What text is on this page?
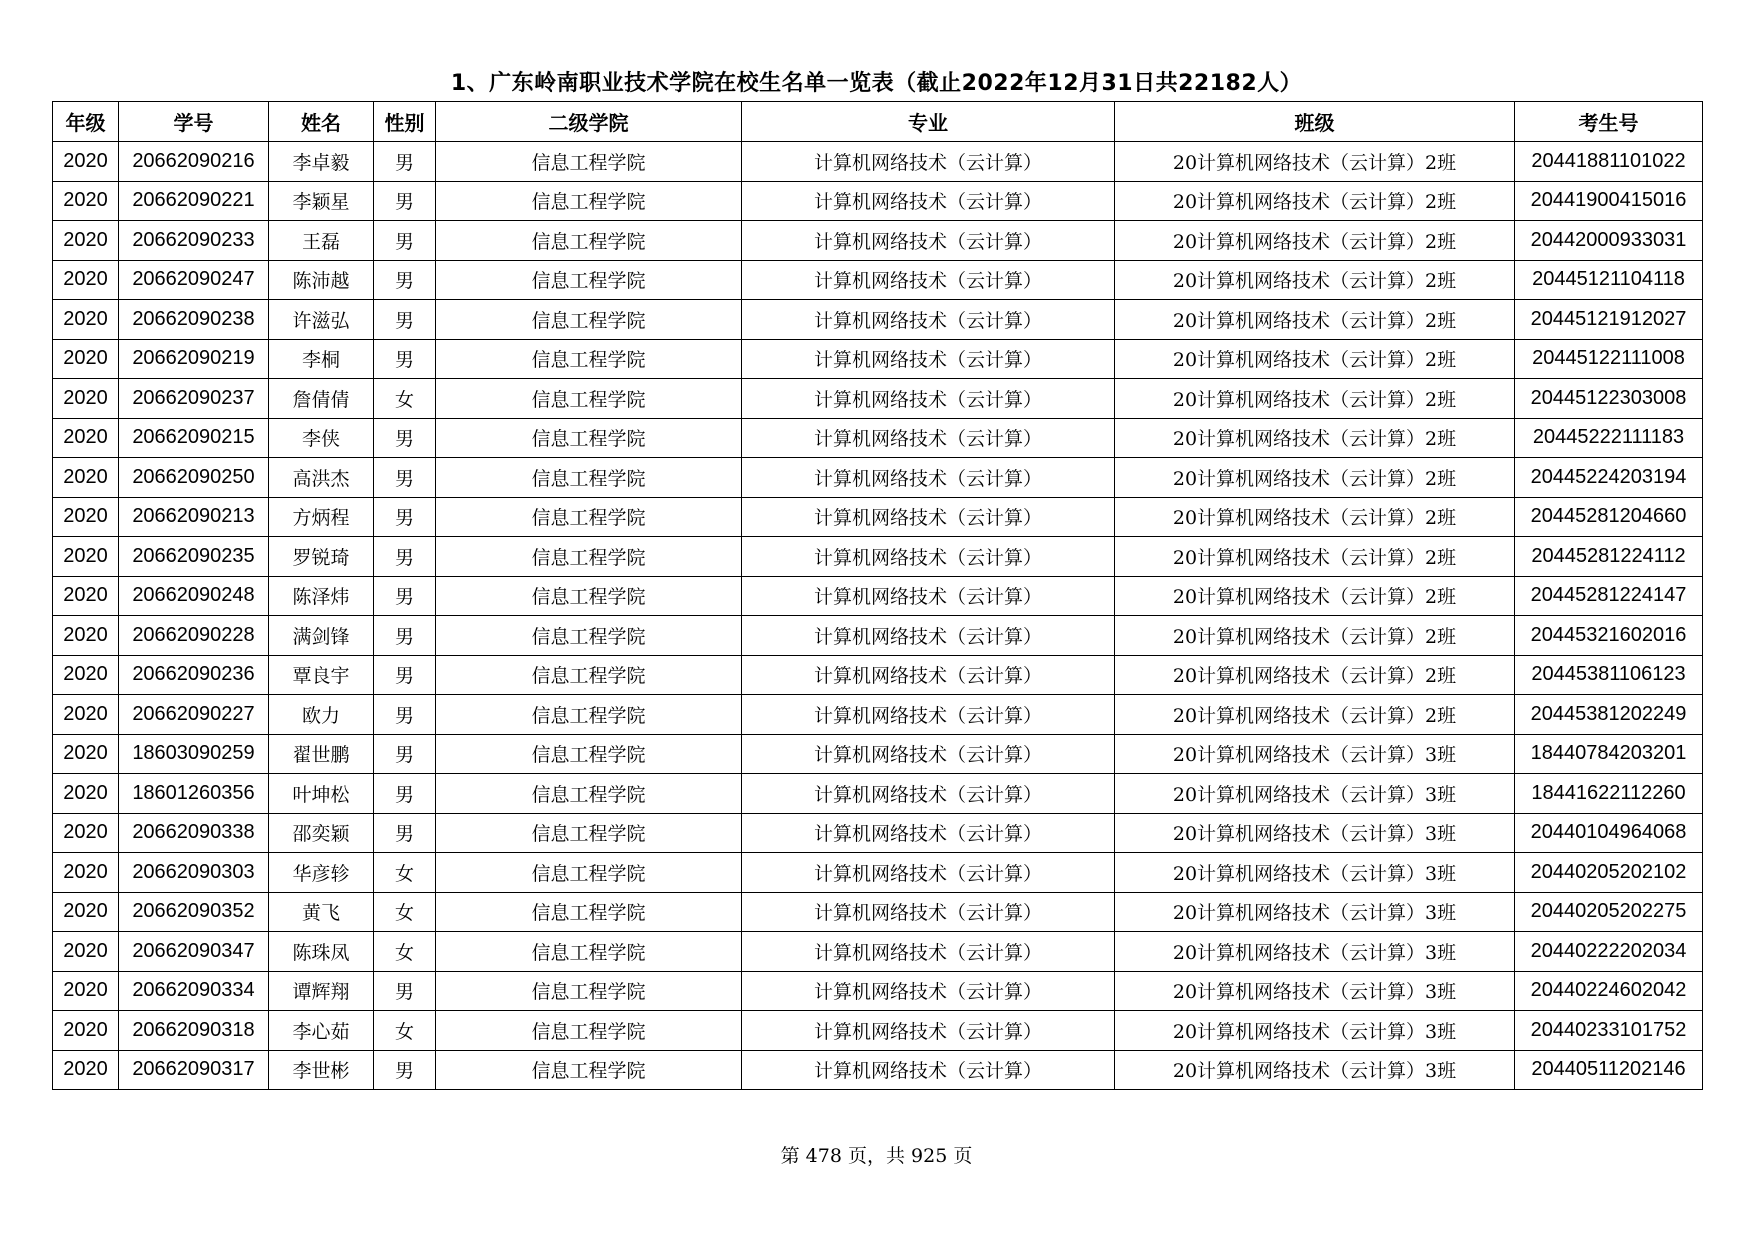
1、广东岭南职业技术学院在校生名单一览表（截止2022年12月31日共22182人）
年级	学号	姓名	性别	二级学院	专业	班级	考生号
2020	20662090216	李卓毅	男	信息工程学院	计算机网络技术（云计算）	20计算机网络技术（云计算）2班	20441881101022
2020	20662090221	李颖星	男	信息工程学院	计算机网络技术（云计算）	20计算机网络技术（云计算）2班	20441900415016
2020	20662090233	王磊	男	信息工程学院	计算机网络技术（云计算）	20计算机网络技术（云计算）2班	20442000933031
2020	20662090247	陈沛越	男	信息工程学院	计算机网络技术（云计算）	20计算机网络技术（云计算）2班	20445121104118
2020	20662090238	许滋弘	男	信息工程学院	计算机网络技术（云计算）	20计算机网络技术（云计算）2班	20445121912027
2020	20662090219	李桐	男	信息工程学院	计算机网络技术（云计算）	20计算机网络技术（云计算）2班	20445122111008
2020	20662090237	詹倩倩	女	信息工程学院	计算机网络技术（云计算）	20计算机网络技术（云计算）2班	20445122303008
2020	20662090215	李侠	男	信息工程学院	计算机网络技术（云计算）	20计算机网络技术（云计算）2班	20445222111183
2020	20662090250	高洪杰	男	信息工程学院	计算机网络技术（云计算）	20计算机网络技术（云计算）2班	20445224203194
2020	20662090213	方炳程	男	信息工程学院	计算机网络技术（云计算）	20计算机网络技术（云计算）2班	20445281204660
2020	20662090235	罗锐琦	男	信息工程学院	计算机网络技术（云计算）	20计算机网络技术（云计算）2班	20445281224112
2020	20662090248	陈泽炜	男	信息工程学院	计算机网络技术（云计算）	20计算机网络技术（云计算）2班	20445281224147
2020	20662090228	满剑锋	男	信息工程学院	计算机网络技术（云计算）	20计算机网络技术（云计算）2班	20445321602016
2020	20662090236	覃良宇	男	信息工程学院	计算机网络技术（云计算）	20计算机网络技术（云计算）2班	20445381106123
2020	20662090227	欧力	男	信息工程学院	计算机网络技术（云计算）	20计算机网络技术（云计算）2班	20445381202249
2020	18603090259	翟世鹏	男	信息工程学院	计算机网络技术（云计算）	20计算机网络技术（云计算）3班	18440784203201
2020	18601260356	叶坤松	男	信息工程学院	计算机网络技术（云计算）	20计算机网络技术（云计算）3班	18441622112260
2020	20662090338	邵奕颖	男	信息工程学院	计算机网络技术（云计算）	20计算机网络技术（云计算）3班	20440104964068
2020	20662090303	华彦轸	女	信息工程学院	计算机网络技术（云计算）	20计算机网络技术（云计算）3班	20440205202102
2020	20662090352	黄飞	女	信息工程学院	计算机网络技术（云计算）	20计算机网络技术（云计算）3班	20440205202275
2020	20662090347	陈珠凤	女	信息工程学院	计算机网络技术（云计算）	20计算机网络技术（云计算）3班	20440222202034
2020	20662090334	谭辉翔	男	信息工程学院	计算机网络技术（云计算）	20计算机网络技术（云计算）3班	20440224602042
2020	20662090318	李心茹	女	信息工程学院	计算机网络技术（云计算）	20计算机网络技术（云计算）3班	20440233101752
2020	20662090317	李世彬	男	信息工程学院	计算机网络技术（云计算）	20计算机网络技术（云计算）3班	20440511202146
第 478 页，共 925 页
